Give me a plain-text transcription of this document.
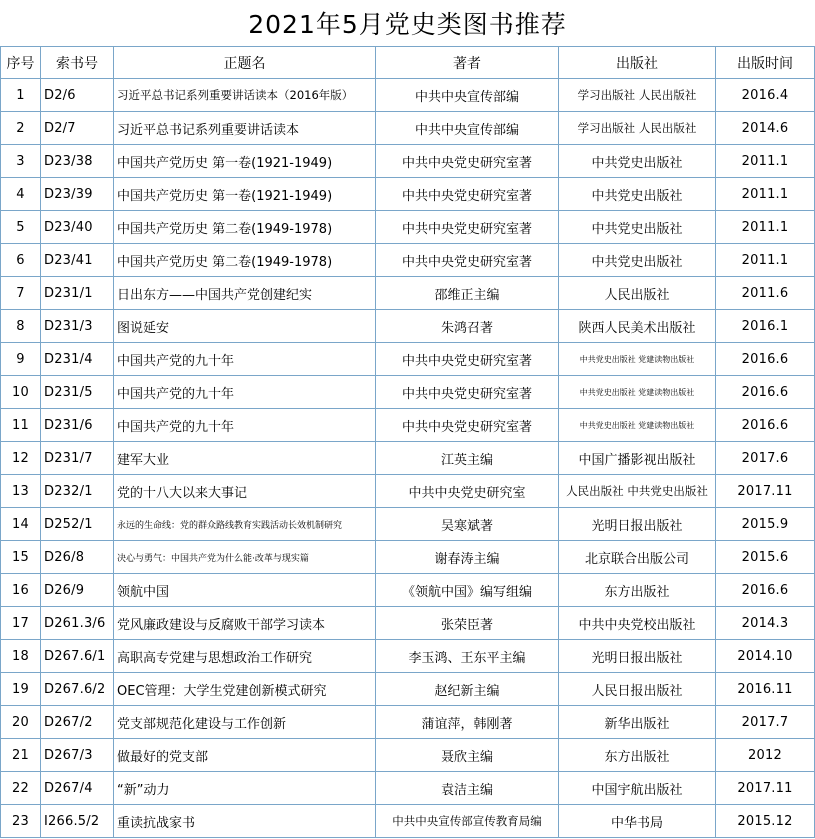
2021年5月党史类图书推荐
序号	索书号	正题名	著者	出版社	出版时间
1	D2/6	习近平总书记系列重要讲话读本（2016年版）	中共中央宣传部编	学习出版社 人民出版社	2016.4
2	D2/7	习近平总书记系列重要讲话读本	中共中央宣传部编	学习出版社 人民出版社	2014.6
3	D23/38	中国共产党历史 第一卷(1921-1949)	中共中央党史研究室著	中共党史出版社	2011.1
4	D23/39	中国共产党历史 第一卷(1921-1949)	中共中央党史研究室著	中共党史出版社	2011.1
5	D23/40	中国共产党历史 第二卷(1949-1978)	中共中央党史研究室著	中共党史出版社	2011.1
6	D23/41	中国共产党历史 第二卷(1949-1978)	中共中央党史研究室著	中共党史出版社	2011.1
7	D231/1	日出东方——中国共产党创建纪实	邵维正主编	人民出版社	2011.6
8	D231/3	图说延安	朱鸿召著	陕西人民美术出版社	2016.1
9	D231/4	中国共产党的九十年	中共中央党史研究室著	中共党史出版社 党建读物出版社	2016.6
10	D231/5	中国共产党的九十年	中共中央党史研究室著	中共党史出版社 党建读物出版社	2016.6
11	D231/6	中国共产党的九十年	中共中央党史研究室著	中共党史出版社 党建读物出版社	2016.6
12	D231/7	建军大业	江英主编	中国广播影视出版社	2017.6
13	D232/1	党的十八大以来大事记	中共中央党史研究室	人民出版社 中共党史出版社	2017.11
14	D252/1	永远的生命线：党的群众路线教育实践活动长效机制研究	吴寒斌著	光明日报出版社	2015.9
15	D26/8	决心与勇气：中国共产党为什么能·改革与现实篇	谢春涛主编	北京联合出版公司	2015.6
16	D26/9	领航中国	《领航中国》编写组编	东方出版社	2016.6
17	D261.3/6	党风廉政建设与反腐败干部学习读本	张荣臣著	中共中央党校出版社	2014.3
18	D267.6/1	高职高专党建与思想政治工作研究	李玉鸿、王东平主编	光明日报出版社	2014.10
19	D267.6/2	OEC管理：大学生党建创新模式研究	赵纪新主编	人民日报出版社	2016.11
20	D267/2	党支部规范化建设与工作创新	蒲谊萍，韩刚著	新华出版社	2017.7
21	D267/3	做最好的党支部	聂欣主编	东方出版社	2012
22	D267/4	“新”动力	袁洁主编	中国宇航出版社	2017.11
23	I266.5/2	重读抗战家书	中共中央宣传部宣传教育局编	中华书局	2015.12
